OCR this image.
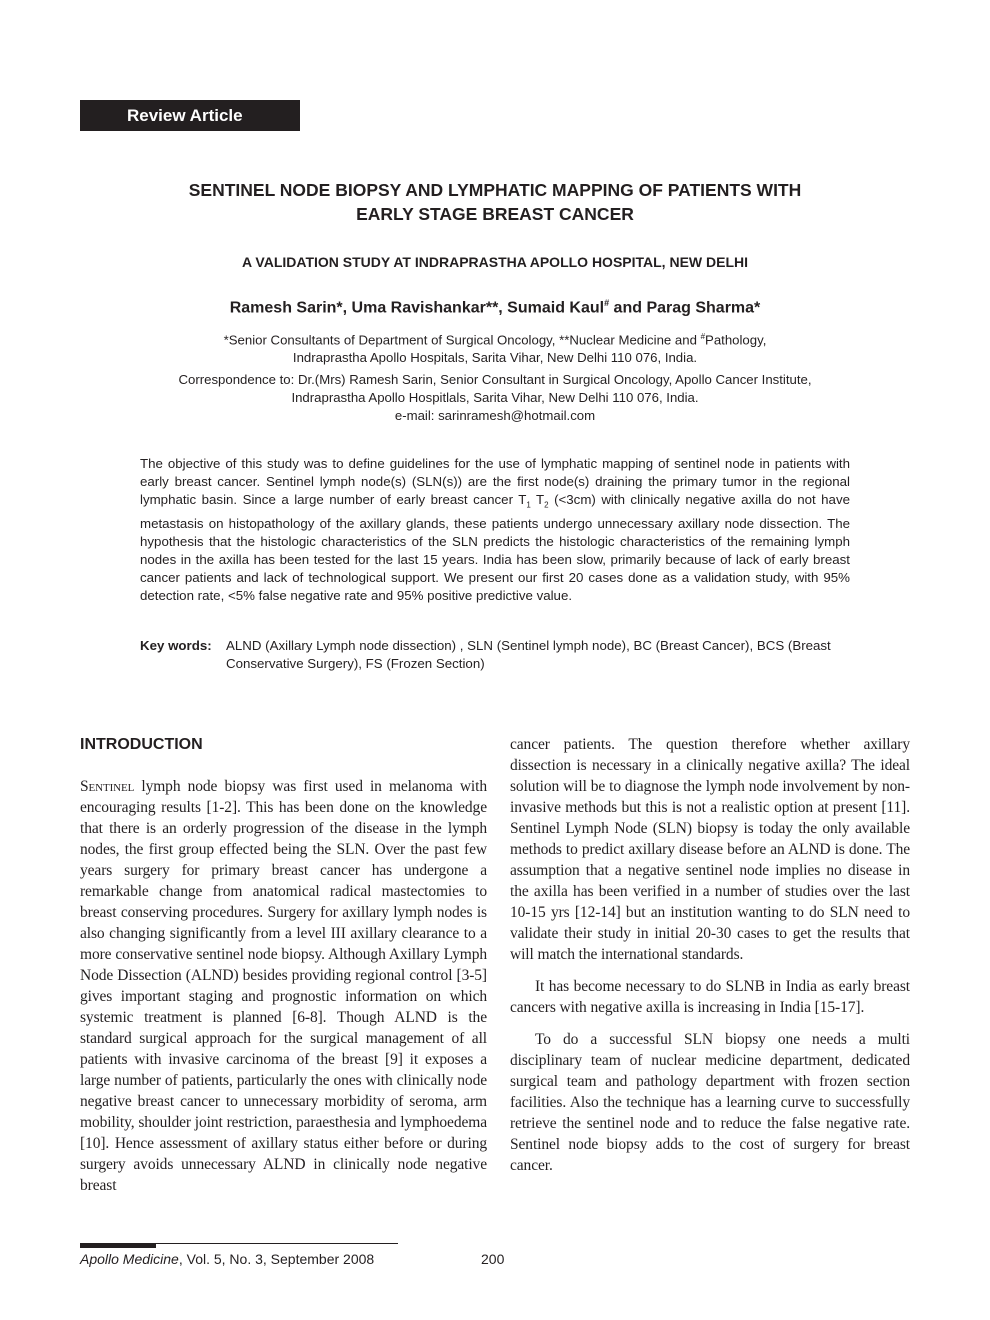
Review Article
SENTINEL NODE BIOPSY AND LYMPHATIC MAPPING OF PATIENTS WITH
EARLY STAGE BREAST CANCER
A VALIDATION STUDY AT INDRAPRASTHA APOLLO HOSPITAL, NEW DELHI
Ramesh Sarin*, Uma Ravishankar**, Sumaid Kaul# and Parag Sharma*
*Senior Consultants of Department of Surgical Oncology, **Nuclear Medicine and #Pathology,
Indraprastha Apollo Hospitals, Sarita Vihar, New Delhi 110 076, India.
Correspondence to: Dr.(Mrs) Ramesh Sarin, Senior Consultant in Surgical Oncology, Apollo Cancer Institute,
Indraprastha Apollo Hospitlals, Sarita Vihar, New Delhi 110 076, India.
e-mail: sarinramesh@hotmail.com
The objective of this study was to define guidelines for the use of lymphatic mapping of sentinel node in patients with early breast cancer. Sentinel lymph node(s) (SLN(s)) are the first node(s) draining the primary tumor in the regional lymphatic basin. Since a large number of early breast cancer $T_1$ $T_2$ (<3cm) with clinically negative axilla do not have metastasis on histopathology of the axillary glands, these patients undergo unnecessary axillary node dissection. The hypothesis that the histologic characteristics of the SLN predicts the histologic characteristics of the remaining lymph nodes in the axilla has been tested for the last 15 years. India has been slow, primarily because of lack of early breast cancer patients and lack of technological support. We present our first 20 cases done as a validation study, with 95% detection rate, <5% false negative rate and 95% positive predictive value.
Key words:	ALND (Axillary Lymph node dissection) , SLN (Sentinel lymph node), BC (Breast Cancer), BCS (Breast Conservative Surgery), FS (Frozen Section)
INTRODUCTION

Sentinel lymph node biopsy was first used in melanoma with encouraging results [1-2]. This has been done on the knowledge that there is an orderly progression of the disease in the lymph nodes, the first group effected being the SLN. Over the past few years surgery for primary breast cancer has undergone a remarkable change from anatomical radical mastectomies to breast conserving procedures. Surgery for axillary lymph nodes is also changing significantly from a level III axillary clearance to a more conservative sentinel node biopsy. Although Axillary Lymph Node Dissection (ALND) besides providing regional control [3-5] gives important staging and prognostic information on which systemic treatment is planned [6-8]. Though ALND is the standard surgical approach for the surgical management of all patients with invasive carcinoma of the breast [9] it exposes a large number of patients, particularly the ones with clinically node negative breast cancer to unnecessary morbidity of seroma, arm mobility, shoulder joint restriction, paraesthesia and lymphoedema [10]. Hence assessment of axillary status either before or during surgery avoids unnecessary ALND in clinically node negative breast

cancer patients. The question therefore whether axillary dissection is necessary in a clinically negative axilla? The ideal solution will be to diagnose the lymph node involvement by non-invasive methods but this is not a realistic option at present [11]. Sentinel Lymph Node (SLN) biopsy is today the only available methods to predict axillary disease before an ALND is done. The assumption that a negative sentinel node implies no disease in the axilla has been verified in a number of studies over the last 10-15 yrs [12-14] but an institution wanting to do SLN need to validate their study in initial 20-30 cases to get the results that will match the international standards.

It has become necessary to do SLNB in India as early breast cancers with negative axilla is increasing in India [15-17].

To do a successful SLN biopsy one needs a multi disciplinary team of nuclear medicine department, dedicated surgical team and pathology department with frozen section facilities. Also the technique has a learning curve to successfully retrieve the sentinel node and to reduce the false negative rate. Sentinel node biopsy adds to the cost of surgery for breast cancer.

Apollo Medicine, Vol. 5, No. 3, September 2008	200
